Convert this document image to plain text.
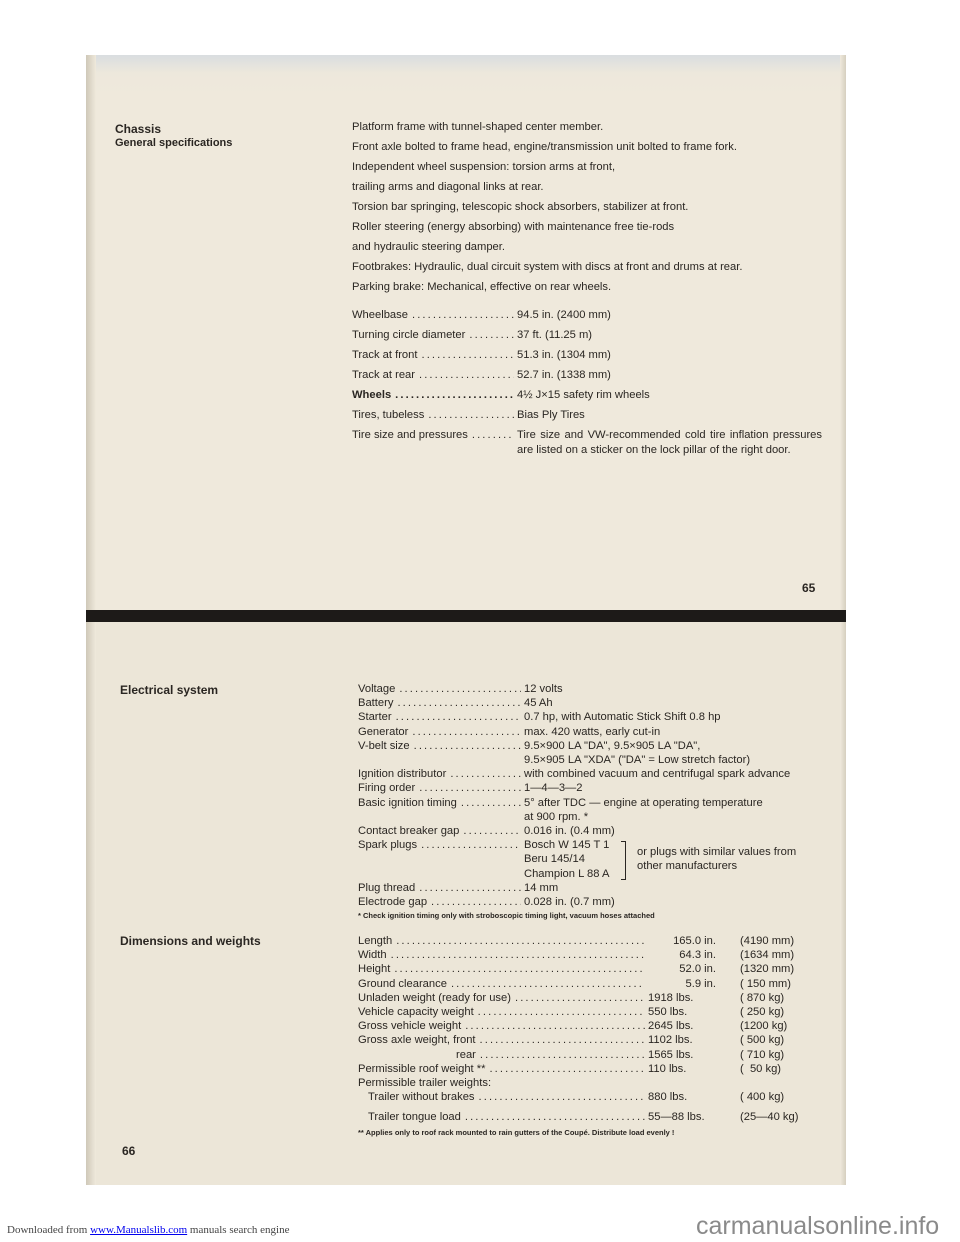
Chassis
General specifications
Platform frame with tunnel-shaped center member.
Front axle bolted to frame head, engine/transmission unit bolted to frame fork.
Independent wheel suspension: torsion arms at front,
trailing arms and diagonal links at rear.
Torsion bar springing, telescopic shock absorbers, stabilizer at front.
Roller steering (energy absorbing) with maintenance free tie-rods
and hydraulic steering damper.
Footbrakes: Hydraulic, dual circuit system with discs at front and drums at rear.
Parking brake: Mechanical, effective on rear wheels.
Wheelbase . . .	94.5 in. (2400 mm)
Turning circle diameter . . .	37 ft. (11.25 m)
Track at front . . .	51.3 in. (1304 mm)
Track at rear . . .	52.7 in. (1338 mm)
Wheels . . .	4½ J×15 safety rim wheels
Tires, tubeless . . .	Bias Ply Tires
Tire size and pressures . . .	Tire size and VW-recommended cold tire inflation pressures are listed on a sticker on the lock pillar of the right door.
65
Electrical system	Voltage . . .	12 volts
Battery . . .	45 Ah
Starter . . .	0.7 hp, with Automatic Stick Shift 0.8 hp
Generator . . .	max. 420 watts, early cut-in
V-belt size . . .	9.5×900 LA "DA", 9.5×905 LA "DA",
9.5×905 LA "XDA" ("DA" = Low stretch factor)
Ignition distributor . . .	with combined vacuum and centrifugal spark advance
Firing order . . .	1—4—3—2
Basic ignition timing . . .	5° after TDC — engine at operating temperature
at 900 rpm. *
Contact breaker gap . . .	0.016 in. (0.4 mm)
Spark plugs . . .	Bosch W 145 T 1
Beru 145/14
Champion L 88 A
or plugs with similar values from
other manufacturers
Plug thread . . .	14 mm
Electrode gap . . .	0.028 in. (0.7 mm)
* Check ignition timing only with stroboscopic timing light, vacuum hoses attached
Dimensions and weights	Length . . .	165.0 in. (4190 mm)
Width . . .	64.3 in. (1634 mm)
Height . . .	52.0 in. (1320 mm)
Ground clearance . . .	5.9 in. ( 150 mm)
Unladen weight (ready for use) . . .	1918 lbs.	( 870 kg)
Vehicle capacity weight . . .	550 lbs.	( 250 kg)
Gross vehicle weight . . .	2645 lbs.	(1200 kg)
Gross axle weight, front . . .	1102 lbs.	( 500 kg)
rear . . .	1565 lbs.	( 710 kg)
Permissible roof weight ** . . .	110 lbs.	(  50 kg)
Permissible trailer weights:
Trailer without brakes . . .	880 lbs.	( 400 kg)
Trailer tongue load . . .	55—88 lbs.	(25—40 kg)
** Applies only to roof rack mounted to rain gutters of the Coupé. Distribute load evenly !
66
Downloaded from www.Manualslib.com manuals search engine	carmanualsonline.info
